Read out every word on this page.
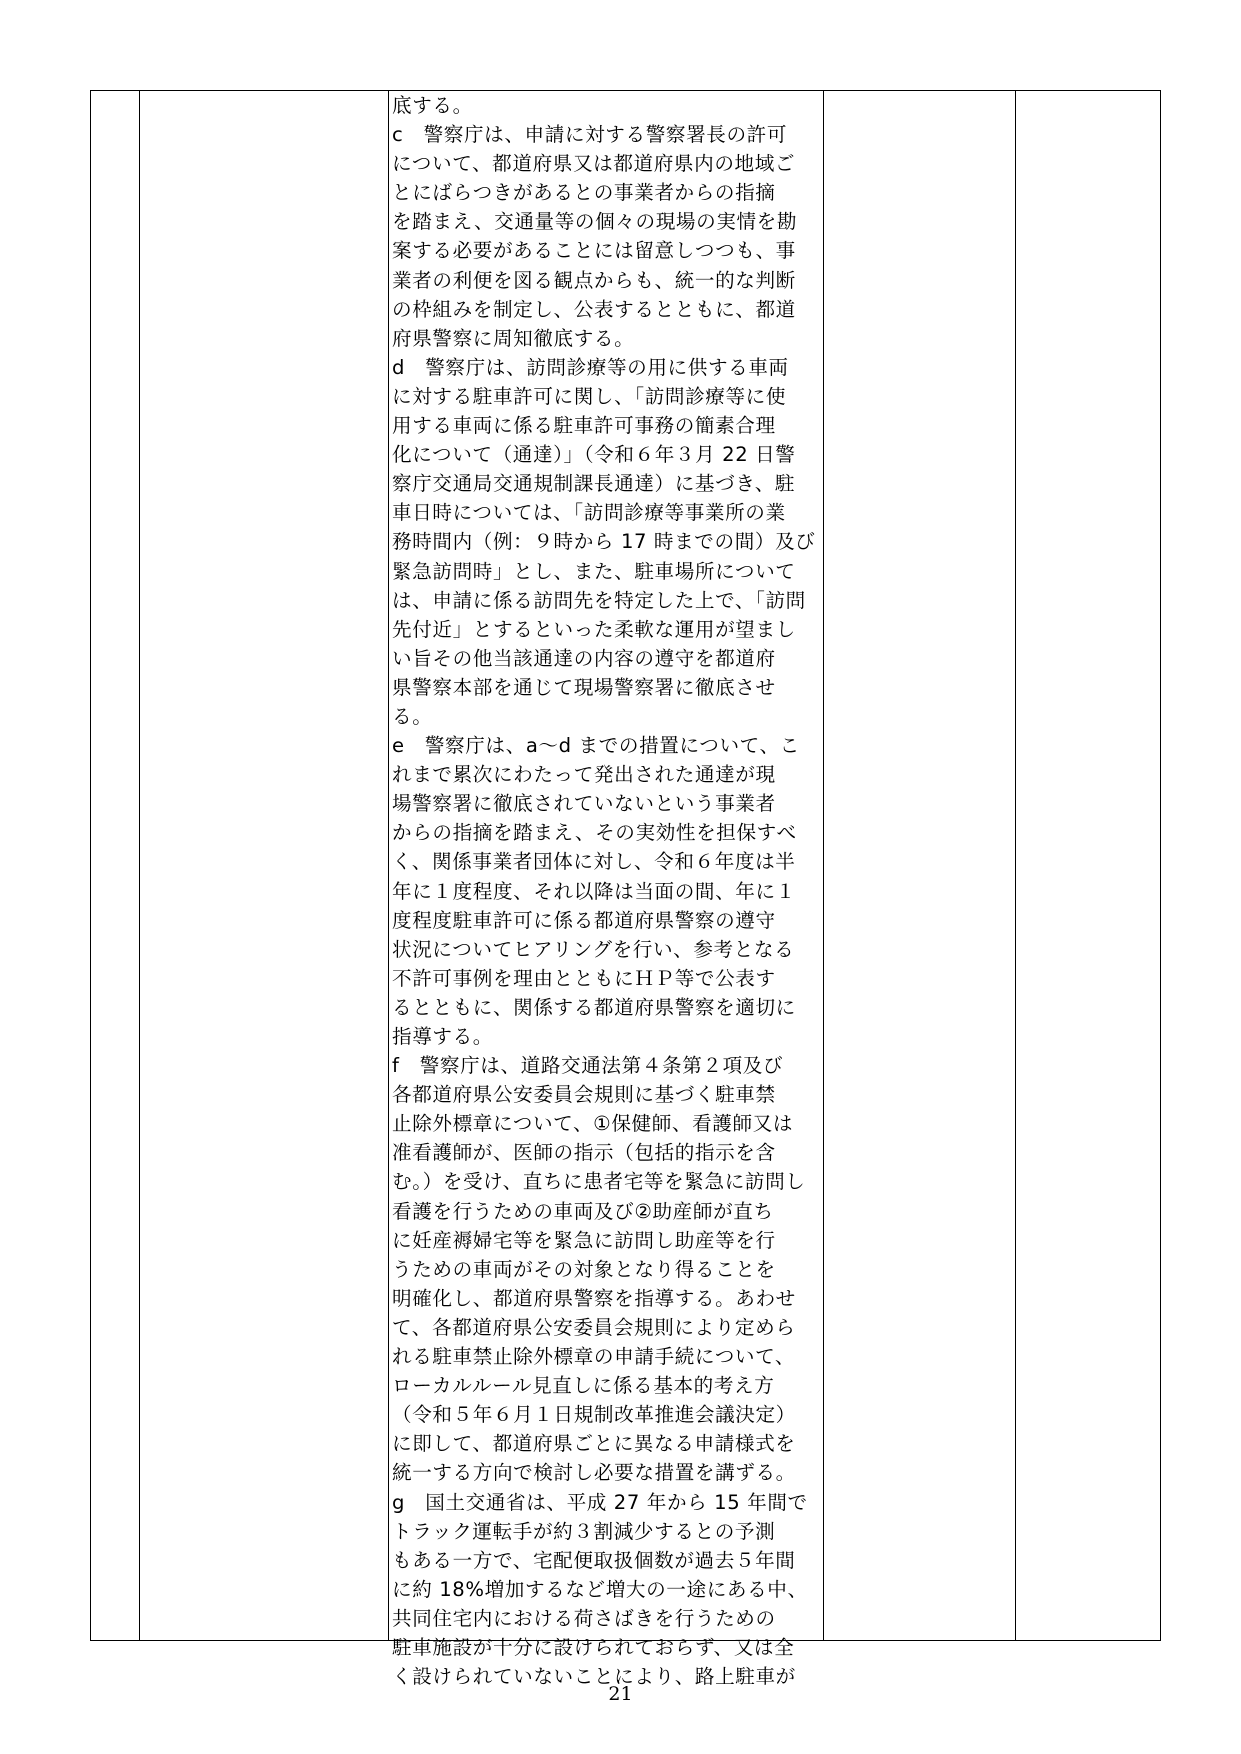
底する。
c　警察庁は、申請に対する警察署長の許可
について、都道府県又は都道府県内の地域ご
とにばらつきがあるとの事業者からの指摘
を踏まえ、交通量等の個々の現場の実情を勘
案する必要があることには留意しつつも、事
業者の利便を図る観点からも、統一的な判断
の枠組みを制定し、公表するとともに、都道
府県警察に周知徹底する。
d　警察庁は、訪問診療等の用に供する車両
に対する駐車許可に関し、「訪問診療等に使
用する車両に係る駐車許可事務の簡素合理
化について（通達）」（令和６年３月 22 日警
察庁交通局交通規制課長通達）に基づき、駐
車日時については、「訪問診療等事業所の業
務時間内（例：９時から 17 時までの間）及び
緊急訪問時」とし、また、駐車場所について
は、申請に係る訪問先を特定した上で、「訪問
先付近」とするといった柔軟な運用が望まし
い旨その他当該通達の内容の遵守を都道府
県警察本部を通じて現場警察署に徹底させ
る。
e　警察庁は、a～d までの措置について、こ
れまで累次にわたって発出された通達が現
場警察署に徹底されていないという事業者
からの指摘を踏まえ、その実効性を担保すべ
く、関係事業者団体に対し、令和６年度は半
年に１度程度、それ以降は当面の間、年に１
度程度駐車許可に係る都道府県警察の遵守
状況についてヒアリングを行い、参考となる
不許可事例を理由とともにＨＰ等で公表す
るとともに、関係する都道府県警察を適切に
指導する。
f　警察庁は、道路交通法第４条第２項及び
各都道府県公安委員会規則に基づく駐車禁
止除外標章について、①保健師、看護師又は
准看護師が、医師の指示（包括的指示を含
む。）を受け、直ちに患者宅等を緊急に訪問し
看護を行うための車両及び②助産師が直ち
に妊産褥婦宅等を緊急に訪問し助産等を行
うための車両がその対象となり得ることを
明確化し、都道府県警察を指導する。あわせ
て、各都道府県公安委員会規則により定めら
れる駐車禁止除外標章の申請手続について、
ローカルルール見直しに係る基本的考え方
（令和５年６月１日規制改革推進会議決定）
に即して、都道府県ごとに異なる申請様式を
統一する方向で検討し必要な措置を講ずる。
g　国土交通省は、平成 27 年から 15 年間で
トラック運転手が約３割減少するとの予測
もある一方で、宅配便取扱個数が過去５年間
に約 18%増加するなど増大の一途にある中、
共同住宅内における荷さばきを行うための
駐車施設が十分に設けられておらず、又は全
く設けられていないことにより、路上駐車が
21
